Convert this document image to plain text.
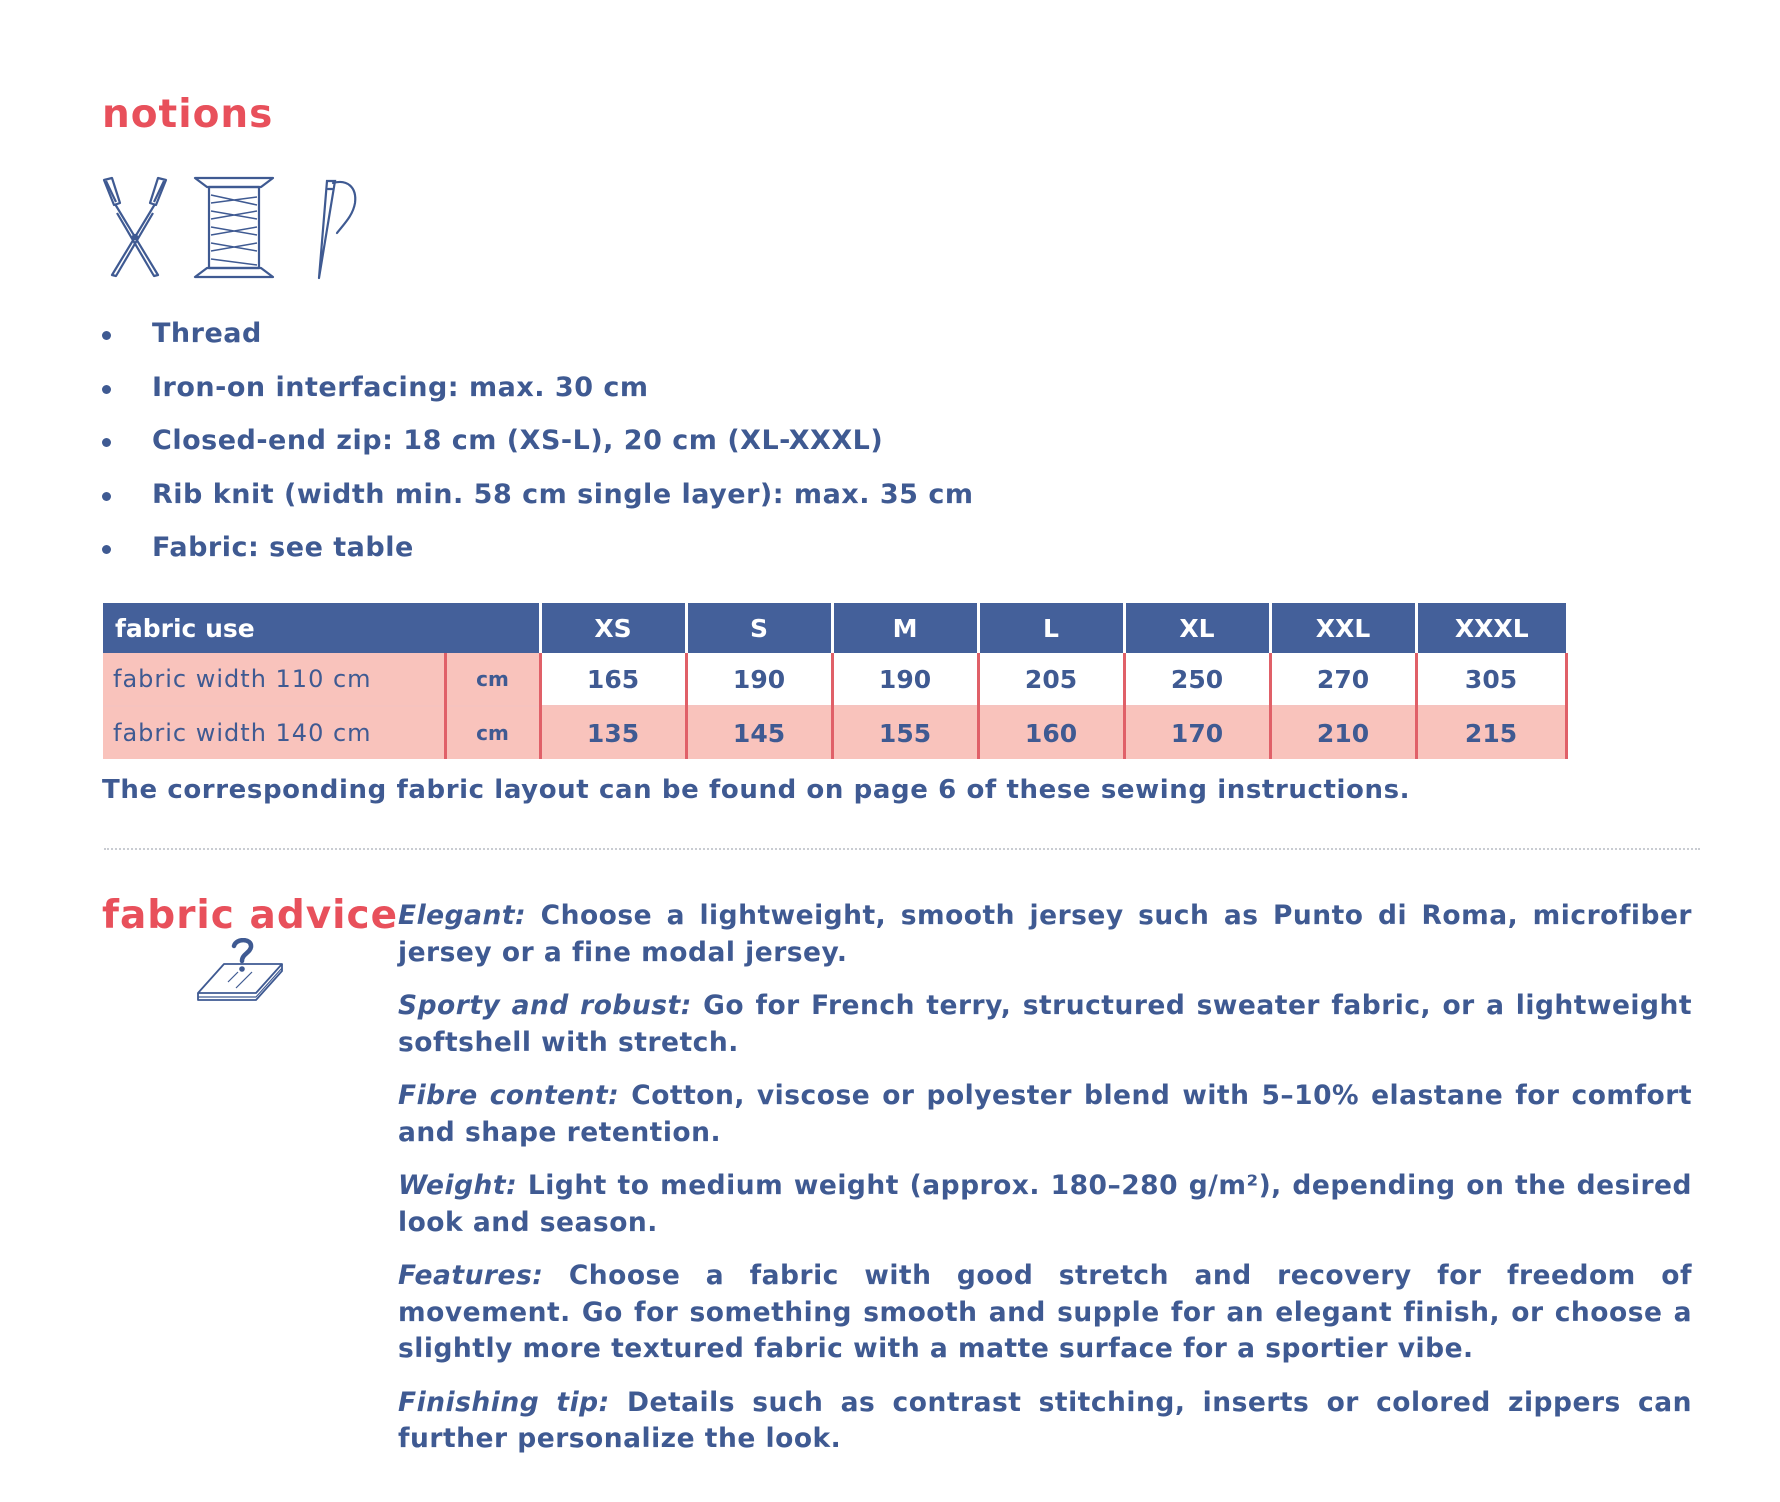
notions
Thread
Iron-on interfacing: max. 30 cm
Closed-end zip: 18 cm (XS-L), 20 cm (XL-XXXL)
Rib knit (width min. 58 cm single layer): max. 35 cm
Fabric: see table
fabric use		XS	S	M	L	XL	XXL	XXXL
fabric width 110 cm	cm	165	190	190	205	250	270	305
fabric width 140 cm	cm	135	145	155	160	170	210	215

The corresponding fabric layout can be found on page 6 of these sewing instructions.

fabric advice Elegant: Choose a lightweight, smooth jersey such as Punto di Roma, microfiber jersey or a fine modal jersey.

Sporty and robust: Go for French terry, structured sweater fabric, or a lightweight softshell with stretch.

Fibre content: Cotton, viscose or polyester blend with 5–10% elastane for comfort and shape retention.

Weight: Light to medium weight (approx. 180–280 g/m²), depending on the desired look and season.

Features: Choose a fabric with good stretch and recovery for freedom of movement. Go for something smooth and supple for an elegant finish, or choose a slightly more textured fabric with a matte surface for a sportier vibe.

Finishing tip: Details such as contrast stitching, inserts or colored zippers can further personalize the look.
